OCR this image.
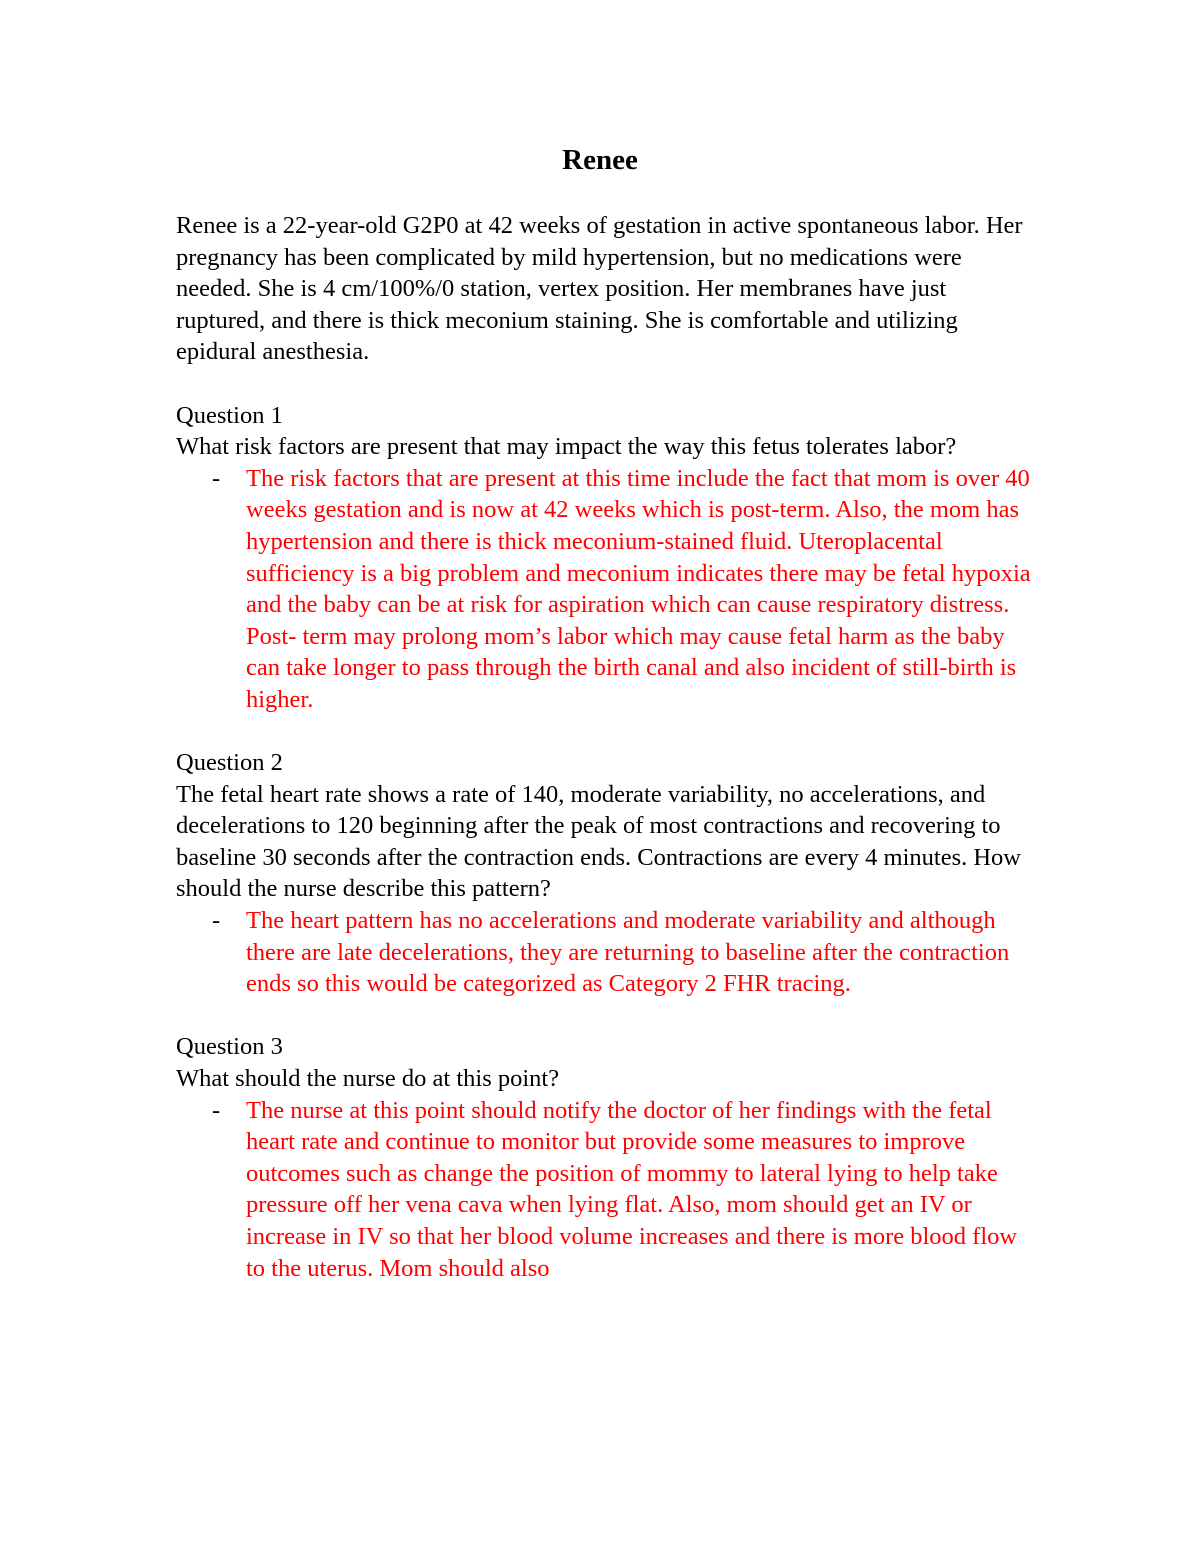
Renee

Renee is a 22-year-old G2P0 at 42 weeks of gestation in active spontaneous labor. Her pregnancy has been complicated by mild hypertension, but no medications were needed. She is 4 cm/100%/0 station, vertex position. Her membranes have just ruptured, and there is thick meconium staining. She is comfortable and utilizing epidural anesthesia.

Question 1

What risk factors are present that may impact the way this fetus tolerates labor?

- The risk factors that are present at this time include the fact that mom is over 40 weeks gestation and is now at 42 weeks which is post-term. Also, the mom has hypertension and there is thick meconium-stained fluid. Uteroplacental sufficiency is a big problem and meconium indicates there may be fetal hypoxia and the baby can be at risk for aspiration which can cause respiratory distress. Post- term may prolong mom’s labor which may cause fetal harm as the baby can take longer to pass through the birth canal and also incident of still-birth is higher.

Question 2

The fetal heart rate shows a rate of 140, moderate variability, no accelerations, and decelerations to 120 beginning after the peak of most contractions and recovering to baseline 30 seconds after the contraction ends. Contractions are every 4 minutes. How should the nurse describe this pattern?

- The heart pattern has no accelerations and moderate variability and although there are late decelerations, they are returning to baseline after the contraction ends so this would be categorized as Category 2 FHR tracing.

Question 3

What should the nurse do at this point?

- The nurse at this point should notify the doctor of her findings with the fetal heart rate and continue to monitor but provide some measures to improve outcomes such as change the position of mommy to lateral lying to help take pressure off her vena cava when lying flat. Also, mom should get an IV or increase in IV so that her blood volume increases and there is more blood flow to the uterus. Mom should also
